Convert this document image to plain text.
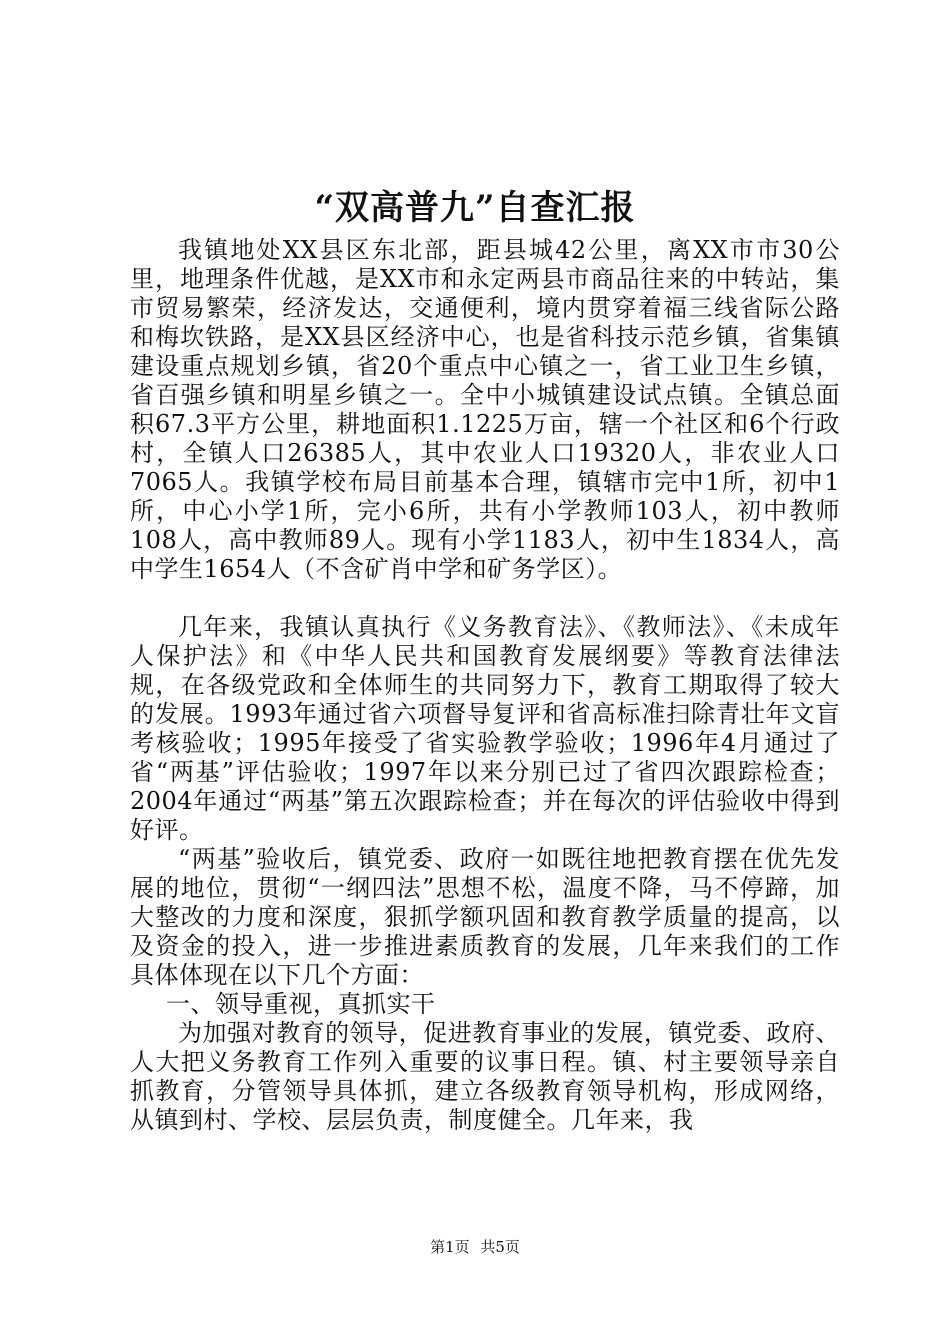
“双高普九”自查汇报

我镇地处XX县区东北部，距县城42公里，离XX市市30公里，地理条件优越，是XX市和永定两县市商品往来的中转站，集市贸易繁荣，经济发达，交通便利，境内贯穿着福三线省际公路和梅坎铁路，是XX县区经济中心，也是省科技示范乡镇，省集镇建设重点规划乡镇，省20个重点中心镇之一，省工业卫生乡镇，省百强乡镇和明星乡镇之一。全中小城镇建设试点镇。全镇总面积67.3平方公里，耕地面积1.1225万亩，辖一个社区和6个行政村，全镇人口26385人，其中农业人口19320人，非农业人口7065人。我镇学校布局目前基本合理，镇辖市完中1所，初中1所，中心小学1所，完小6所，共有小学教师103人，初中教师108人，高中教师89人。现有小学1183人，初中生1834人，高中学生1654人（不含矿肖中学和矿务学区）。

几年来，我镇认真执行《义务教育法》、《教师法》、《未成年人保护法》和《中华人民共和国教育发展纲要》等教育法律法规，在各级党政和全体师生的共同努力下，教育工期取得了较大的发展。1993年通过省六项督导复评和省高标准扫除青壮年文盲考核验收；1995年接受了省实验教学验收；1996年4月通过了省“两基”评估验收；1997年以来分别已过了省四次跟踪检查；2004年通过“两基”第五次跟踪检查；并在每次的评估验收中得到好评。

“两基”验收后，镇党委、政府一如既往地把教育摆在优先发展的地位，贯彻“一纲四法”思想不松，温度不降，马不停蹄，加大整改的力度和深度，狠抓学额巩固和教育教学质量的提高，以及资金的投入，进一步推进素质教育的发展，几年来我们的工作具体体现在以下几个方面：

一、领导重视，真抓实干

为加强对教育的领导，促进教育事业的发展，镇党委、政府、人大把义务教育工作列入重要的议事日程。镇、村主要领导亲自抓教育，分管领导具体抓，建立各级教育领导机构，形成网络，从镇到村、学校、层层负责，制度健全。几年来，我

第1页 共5页
